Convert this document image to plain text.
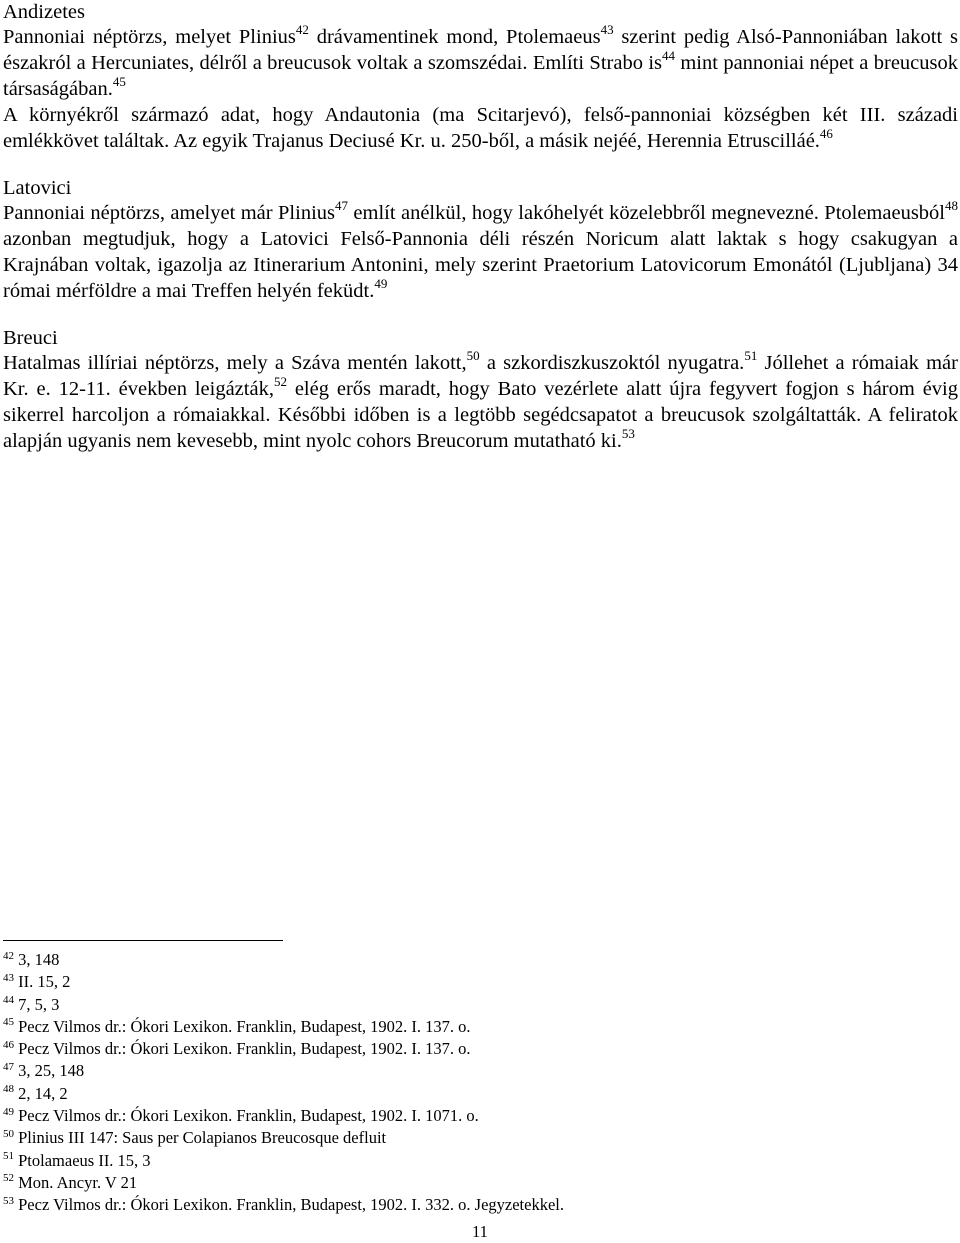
Andizetes

Pannoniai néptörzs, melyet Plinius$^{42}$ drávamentinek mond, Ptolemaeus$^{43}$ szerint pedig Alsó-Pannoniában lakott s északról a Hercuniates, délről a breucusok voltak a szomszédai. Említi Strabo $is^{44}$ mint pannoniai népet a breucusok társaságában.$^{45}$

A környékről származó adat, hogy Andautonia (ma Scitarjevó), felső-pannoniai községben két III. századi emlékkövet találtak. Az egyik Trajanus Deciusé Kr. u. 250-ből, a másik nejéé, Herennia Etruscilláé.$^{46}$

Latovici

Pannoniai néptörzs, amelyet már Plinius$^{47}$ említ anélkül, hogy lakóhelyét közelebbről megnevezné. Ptolemaeusból$^{48}$ azonban megtudjuk, hogy a Latovici Felső-Pannonia déli részén Noricum alatt laktak s hogy csakugyan a Krajnában voltak, igazolja az Itinerarium Antonini, mely szerint Praetorium Latovicorum Emonától (Ljubljana) 34 római mérföldre a mai Treffen helyén feküdt.$^{49}$

Breuci

Hatalmas illíriai néptörzs, mely a Száva mentén lakott,$^{50}$ a szkordiszkuszoktól nyugatra.$^{51}$ Jóllehet a rómaiak már Kr. e. 12-11. években leigázták,$^{52}$ elég erős maradt, hogy Bato vezérlete alatt újra fegyvert fogjon s három évig sikerrel harcoljon a rómaiakkal. Későbbi időben is a legtöbb segédcsapatot a breucusok szolgáltatták. A feliratok alapján ugyanis nem kevesebb, mint nyolc cohors Breucorum mutatható ki.$^{53}$

$^{42}$ 3, 148

$^{43}$ II. 15, 2

$^{44}$ 7, 5, 3

$^{45}$ Pecz Vilmos dr.: Ókori Lexikon. Franklin, Budapest, 1902. I. 137. o.

$^{46}$ Pecz Vilmos dr.: Ókori Lexikon. Franklin, Budapest, 1902. I. 137. o.

$^{47}$ 3, 25, 148

$^{48}$ 2, 14, 2

$^{49}$ Pecz Vilmos dr.: Ókori Lexikon. Franklin, Budapest, 1902. I. 1071. o.

$^{50}$ Plinius III 147: Saus per Colapianos Breucosque defluit

$^{51}$ Ptolamaeus II. 15, 3

$^{52}$ Mon. Ancyr. V 21

$^{53}$ Pecz Vilmos dr.: Ókori Lexikon. Franklin, Budapest, 1902. I. 332. o. Jegyzetekkel.

11
